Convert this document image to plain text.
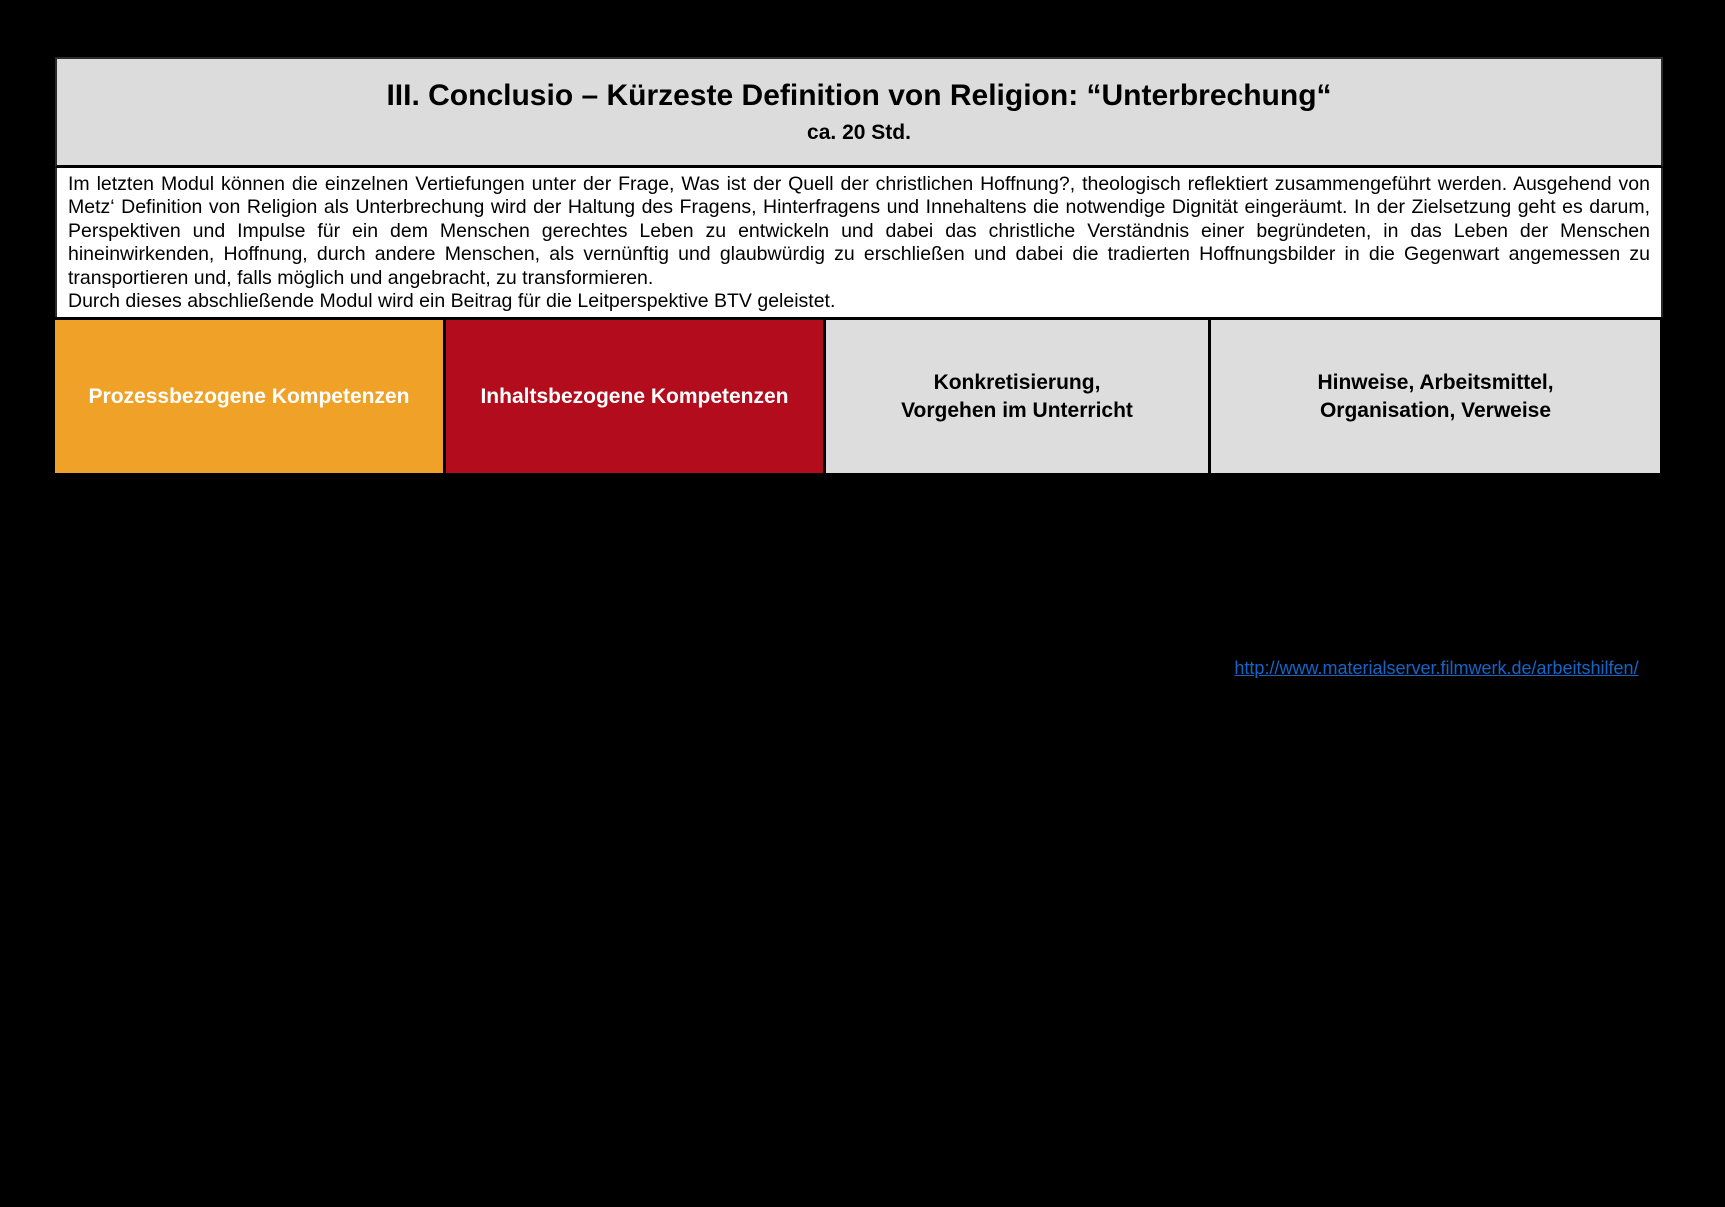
III. Conclusio – Kürzeste Definition von Religion: “Unterbrechung“
ca. 20 Std.

Im letzten Modul können die einzelnen Vertiefungen unter der Frage, Was ist der Quell der christlichen Hoffnung?, theologisch reflektiert zusammengeführt werden. Ausgehend von Metz‘ Definition von Religion als Unterbrechung wird der Haltung des Fragens, Hinterfragens und Innehaltens die notwendige Dignität eingeräumt. In der Zielsetzung geht es darum, Perspektiven und Impulse für ein dem Menschen gerechtes Leben zu entwickeln und dabei das christliche Verständnis einer begründeten, in das Leben der Menschen hineinwirkenden, Hoffnung, durch andere Menschen, als vernünftig und glaubwürdig zu erschließen und dabei die tradierten Hoffnungsbilder in die Gegenwart angemessen zu transportieren und, falls möglich und angebracht, zu transformieren.

Durch dieses abschließende Modul wird ein Beitrag für die Leitperspektive BTV geleistet.

Prozessbezogene Kompetenzen	Inhaltsbezogene Kompetenzen
Konkretisierung,
Vorgehen im Unterricht
Hinweise, Arbeitsmittel,
Organisation, Verweise
http://www.materialserver.filmwerk.de/arbeitshilfen/
